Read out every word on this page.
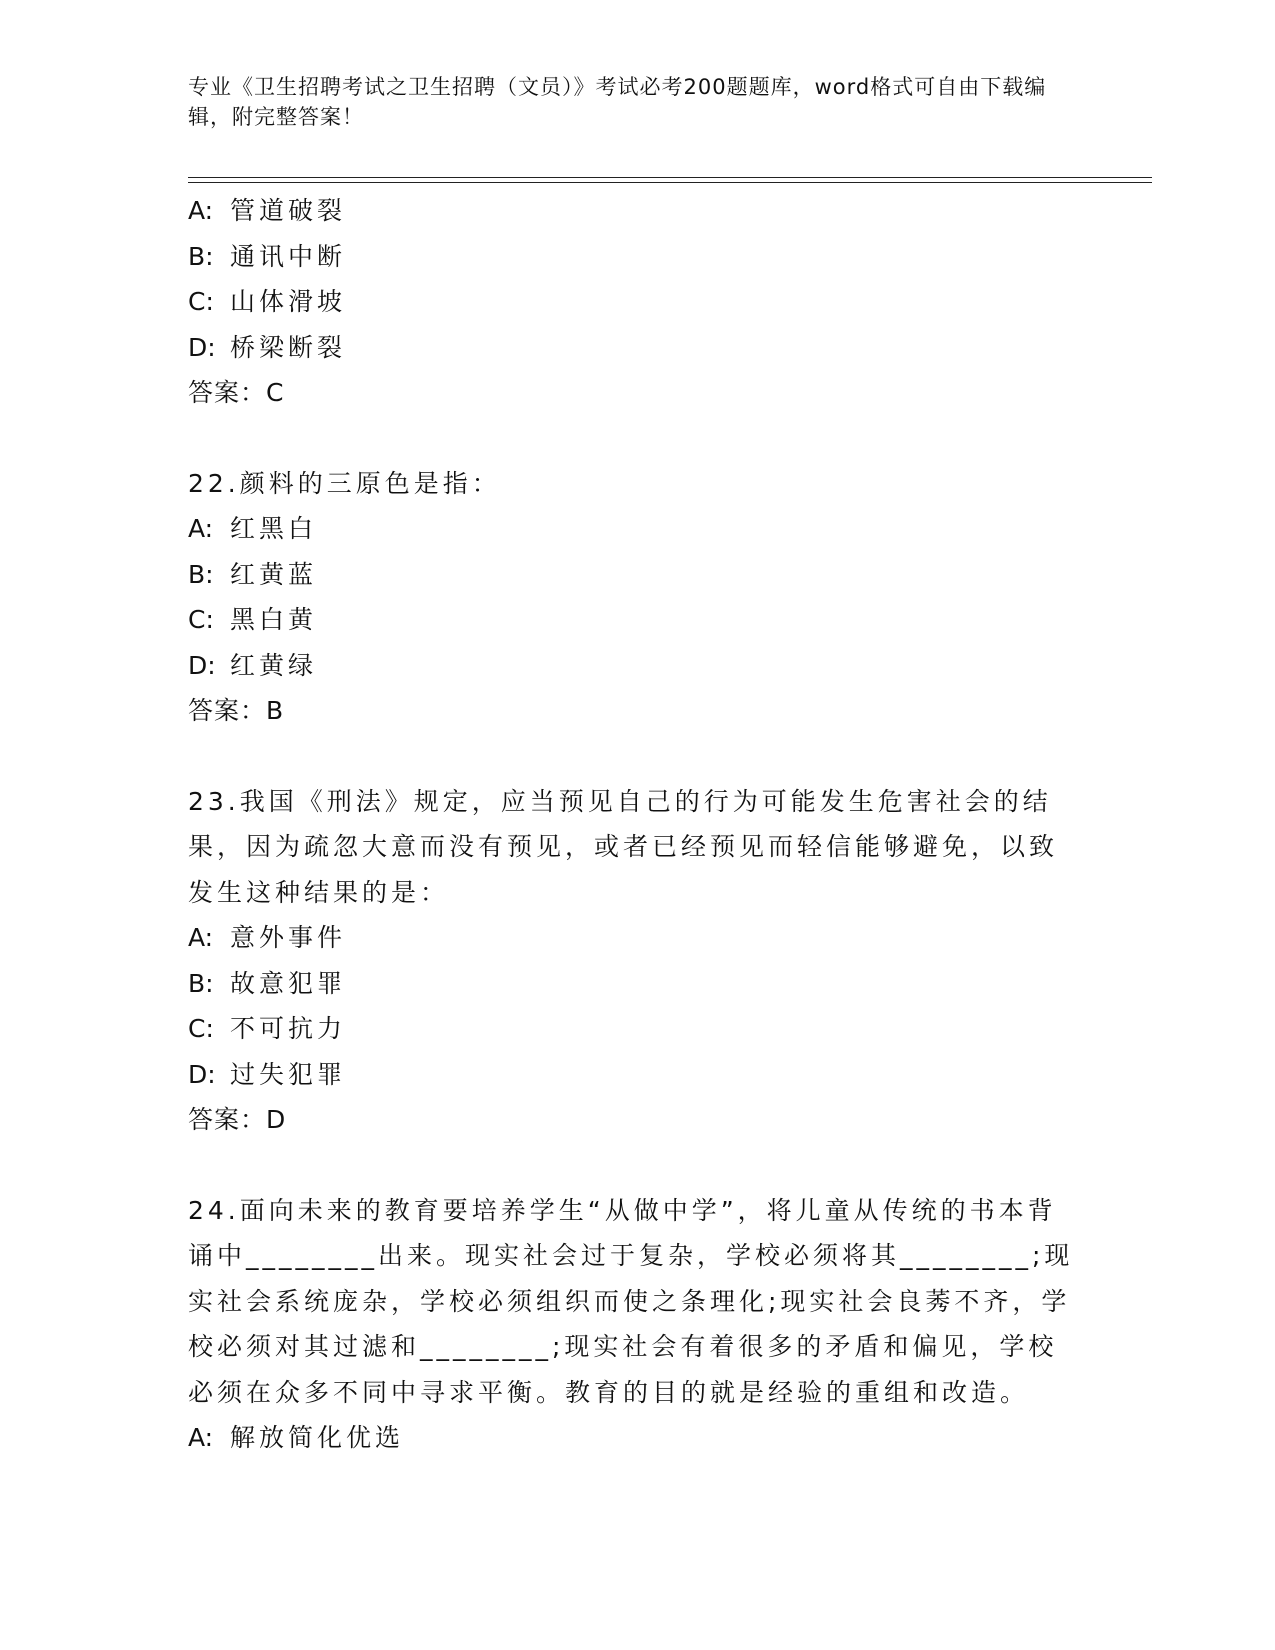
专业《卫生招聘考试之卫生招聘（文员）》考试必考200题题库，word格式可自由下载编辑，附完整答案！
A: 管道破裂
B: 通讯中断
C: 山体滑坡
D: 桥梁断裂
答案：C
22.颜料的三原色是指：
A: 红黑白
B: 红黄蓝
C: 黑白黄
D: 红黄绿
答案：B
23.我国《刑法》规定，应当预见自己的行为可能发生危害社会的结果，因为疏忽大意而没有预见，或者已经预见而轻信能够避免，以致发生这种结果的是：
A: 意外事件
B: 故意犯罪
C: 不可抗力
D: 过失犯罪
答案：D
24.面向未来的教育要培养学生“从做中学”，将儿童从传统的书本背诵中________出来。现实社会过于复杂，学校必须将其________;现实社会系统庞杂，学校必须组织而使之条理化;现实社会良莠不齐，学校必须对其过滤和________;现实社会有着很多的矛盾和偏见，学校必须在众多不同中寻求平衡。教育的目的就是经验的重组和改造。
A: 解放简化优选
